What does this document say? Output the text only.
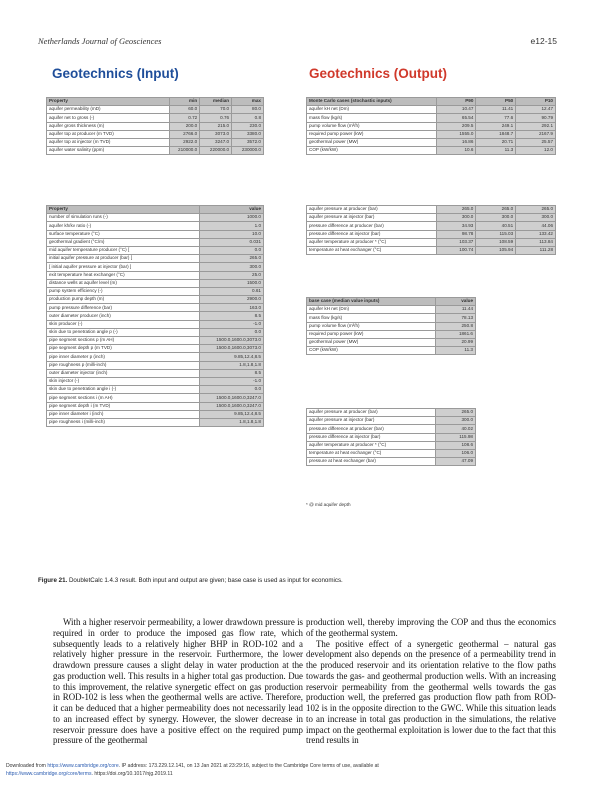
Netherlands Journal of Geosciences	e12-15
Geotechnics (Input)	Geotechnics (Output)
Property	min	median	max
aquifer permeability (mD)	60.0	70.0	80.0
aquifer net to gross (-)	0.72	0.76	0.8
aquifer gross thickness (m)	200.0	215.0	230.0
aquifer top at producer (m TVD)	2766.0	3073.0	3380.0
aquifer top at injector (m TVD)	2922.0	3247.0	3572.0
aquifer water salinity (ppm)	210000.0	220000.0	230000.0
Property	value
number of simulation runs (-)	1000.0
aquifer kh/kv ratio (-)	1.0
surface temperature (°C)	10.0
geothermal gradient (°C/m)	0.031
mid aquifer temperature producer (°C) [	0.0
initial aquifer pressure at producer (bar) [	265.0
[ initial aquifer pressure at injector (bar) ]	300.0
exit temperature heat exchanger (°C)	25.0
distance wells at aquifer level (m)	1500.0
pump system efficiency (-)	0.61
production pump depth (m)	2900.0
pump pressure difference (bar)	163.0
outer diameter producer (inch)	8.5
skin producer (-)	-1.0
skin due to penetration angle p (-)	0.0
pipe segment sections p (m AH)	1500.0,1600.0,3073.0
pipe segment depth p (m TVD)	1500.0,1600.0,3073.0
pipe inner diameter p (inch)	9.85,12.4,8.5
pipe roughness p (milli-inch)	1.8,1.8,1.8
outer diameter injector (inch)	8.5
skin injector (-)	-1.0
skin due to penetration angle i (-)	0.0
pipe segment sections i (m AH)	1500.0,1600.0,3247.0
pipe segment depth i (m TVD)	1500.0,1600.0,3247.0
pipe inner diameter i (inch)	9.85,12.4,8.5
pipe roughness i (milli-inch)	1.8,1.8,1.8
Monte Carlo cases (stochastic inputs)	P90	P50	P10
aquifer kH net (Dm)	10.47	11.41	12.47
mass flow (kg/s)	65.54	77.6	90.79
pump volume flow (m³/h)	209.5	249.1	292.1
required pump power (kW)	1555.0	1848.7	2167.9
geothermal power (MW)	16.86	20.71	25.57
COP (kW/kW)	10.6	11.3	12.0
aquifer pressure at producer (bar)	265.0	265.0	265.0
aquifer pressure at injector (bar)	300.0	300.0	300.0
pressure difference at producer (bar)	34.93	40.51	44.06
pressure difference at injector (bar)	98.78	115.03	133.42
aquifer temperature at producer * (°C)	103.37	108.59	113.84
temperature at heat exchanger (°C)	100.74	105.94	111.28
base case (median value inputs)	value
aquifer kH net (Dm)	11.44
mass flow (kg/s)	78.13
pump volume flow (m³/h)	250.8
required pump power (kW)	1861.6
geothermal power (MW)	20.99
COP (kW/kW)	11.3
aquifer pressure at producer (bar)	265.0
aquifer pressure at injector (bar)	300.0
pressure difference at producer (bar)	40.02
pressure difference at injector (bar)	115.98
aquifer temperature at producer * (°C)	108.6
temperature at heat exchanger (°C)	106.0
pressure at heat exchanger (bar)	47.09
* @ mid aquifer depth
Figure 21. DoubletCalc 1.4.3 result. Both input and output are given; base case is used as input for economics.

With a higher reservoir permeability, a lower drawdown pressure is required in order to produce the imposed gas flow rate, which subsequently leads to a relatively higher BHP in ROD-102 and a relatively higher pressure in the reservoir. Furthermore, the lower drawdown pressure causes a slight delay in water production at the gas production well. This results in a higher total gas production. Due to this improvement, the relative synergetic effect on gas production in ROD-102 is less when the geothermal wells are active. Therefore, it can be deduced that a higher permeability does not necessarily lead to an increased effect by synergy. However, the slower decrease in reservoir pressure does have a positive effect on the required pump pressure of the geothermal

production well, thereby improving the COP and thus the economics of the geothermal system.

The positive effect of a synergetic geothermal – natural gas development also depends on the presence of a permeability trend in the produced reservoir and its orientation relative to the flow paths towards the gas- and geothermal production wells. With an increasing reservoir permeability from the geothermal wells towards the gas production well, the preferred gas production flow path from ROD-102 is in the opposite direction to the GWC. While this situation leads to an increase in total gas production in the simulations, the relative impact on the geothermal exploitation is lower due to the fact that this trend results in

Downloaded from https://www.cambridge.org/core. IP address: 173.229.12.141, on 13 Jan 2021 at 23:29:16, subject to the Cambridge Core terms of use, available at
https://www.cambridge.org/core/terms. https://doi.org/10.1017/njg.2019.11
